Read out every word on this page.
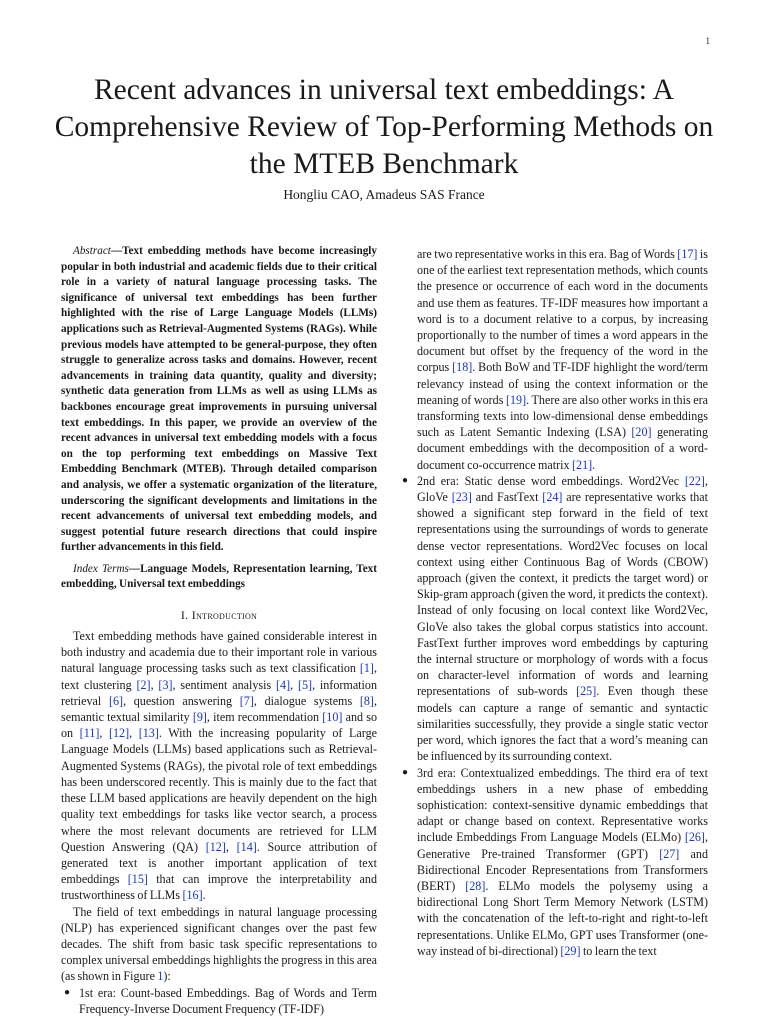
1
Recent advances in universal text embeddings: A Comprehensive Review of Top-Performing Methods on the MTEB Benchmark
Hongliu CAO, Amadeus SAS France

Abstract—Text embedding methods have become increasingly popular in both industrial and academic fields due to their critical role in a variety of natural language processing tasks. The significance of universal text embeddings has been further highlighted with the rise of Large Language Models (LLMs) applications such as Retrieval-Augmented Systems (RAGs). While previous models have attempted to be general-purpose, they often struggle to generalize across tasks and domains. However, recent advancements in training data quantity, quality and diversity; synthetic data generation from LLMs as well as using LLMs as backbones encourage great improvements in pursuing universal text embeddings. In this paper, we provide an overview of the recent advances in universal text embedding models with a focus on the top performing text embeddings on Massive Text Embedding Benchmark (MTEB). Through detailed comparison and analysis, we offer a systematic organization of the literature, underscoring the significant developments and limitations in the recent advancements of universal text embedding models, and suggest potential future research directions that could inspire further advancements in this field.

Index Terms—Language Models, Representation learning, Text embedding, Universal text embeddings

I. Introduction

Text embedding methods have gained considerable interest in both industry and academia due to their important role in various natural language processing tasks such as text classification [1], text clustering [2], [3], sentiment analysis [4], [5], information retrieval [6], question answering [7], dialogue systems [8], semantic textual similarity [9], item recommendation [10] and so on [11], [12], [13]. With the increasing popularity of Large Language Models (LLMs) based applications such as Retrieval-Augmented Systems (RAGs), the pivotal role of text embeddings has been underscored recently. This is mainly due to the fact that these LLM based applications are heavily dependent on the high quality text embeddings for tasks like vector search, a process where the most relevant documents are retrieved for LLM Question Answering (QA) [12], [14]. Source attribution of generated text is another important application of text embeddings [15] that can improve the interpretability and trustworthiness of LLMs [16].

The field of text embeddings in natural language processing (NLP) has experienced significant changes over the past few decades. The shift from basic task specific representations to complex universal embeddings highlights the progress in this area (as shown in Figure 1):

● 1st era: Count-based Embeddings. Bag of Words and Term Frequency-Inverse Document Frequency (TF-IDF)
are two representative works in this era. Bag of Words [17] is one of the earliest text representation methods, which counts the presence or occurrence of each word in the documents and use them as features. TF-IDF measures how important a word is to a document relative to a corpus, by increasing proportionally to the number of times a word appears in the document but offset by the frequency of the word in the corpus [18]. Both BoW and TF-IDF highlight the word/term relevancy instead of using the context information or the meaning of words [19]. There are also other works in this era transforming texts into low-dimensional dense embeddings such as Latent Semantic Indexing (LSA) [20] generating document embeddings with the decomposition of a word-document co-occurrence matrix [21].
● 2nd era: Static dense word embeddings. Word2Vec [22], GloVe [23] and FastText [24] are representative works that showed a significant step forward in the field of text representations using the surroundings of words to generate dense vector representations. Word2Vec focuses on local context using either Continuous Bag of Words (CBOW) approach (given the context, it predicts the target word) or Skip-gram approach (given the word, it predicts the context). Instead of only focusing on local context like Word2Vec, GloVe also takes the global corpus statistics into account. FastText further improves word embeddings by capturing the internal structure or morphology of words with a focus on character-level information of words and learning representations of sub-words [25]. Even though these models can capture a range of semantic and syntactic similarities successfully, they provide a single static vector per word, which ignores the fact that a word’s meaning can be influenced by its surrounding context.
● 3rd era: Contextualized embeddings. The third era of text embeddings ushers in a new phase of embedding sophistication: context-sensitive dynamic embeddings that adapt or change based on context. Representative works include Embeddings From Language Models (ELMo) [26], Generative Pre-trained Transformer (GPT) [27] and Bidirectional Encoder Representations from Transformers (BERT) [28]. ELMo models the polysemy using a bidirectional Long Short Term Memory Network (LSTM) with the concatenation of the left-to-right and right-to-left representations. Unlike ELMo, GPT uses Transformer (one-way instead of bi-directional) [29] to learn the text
